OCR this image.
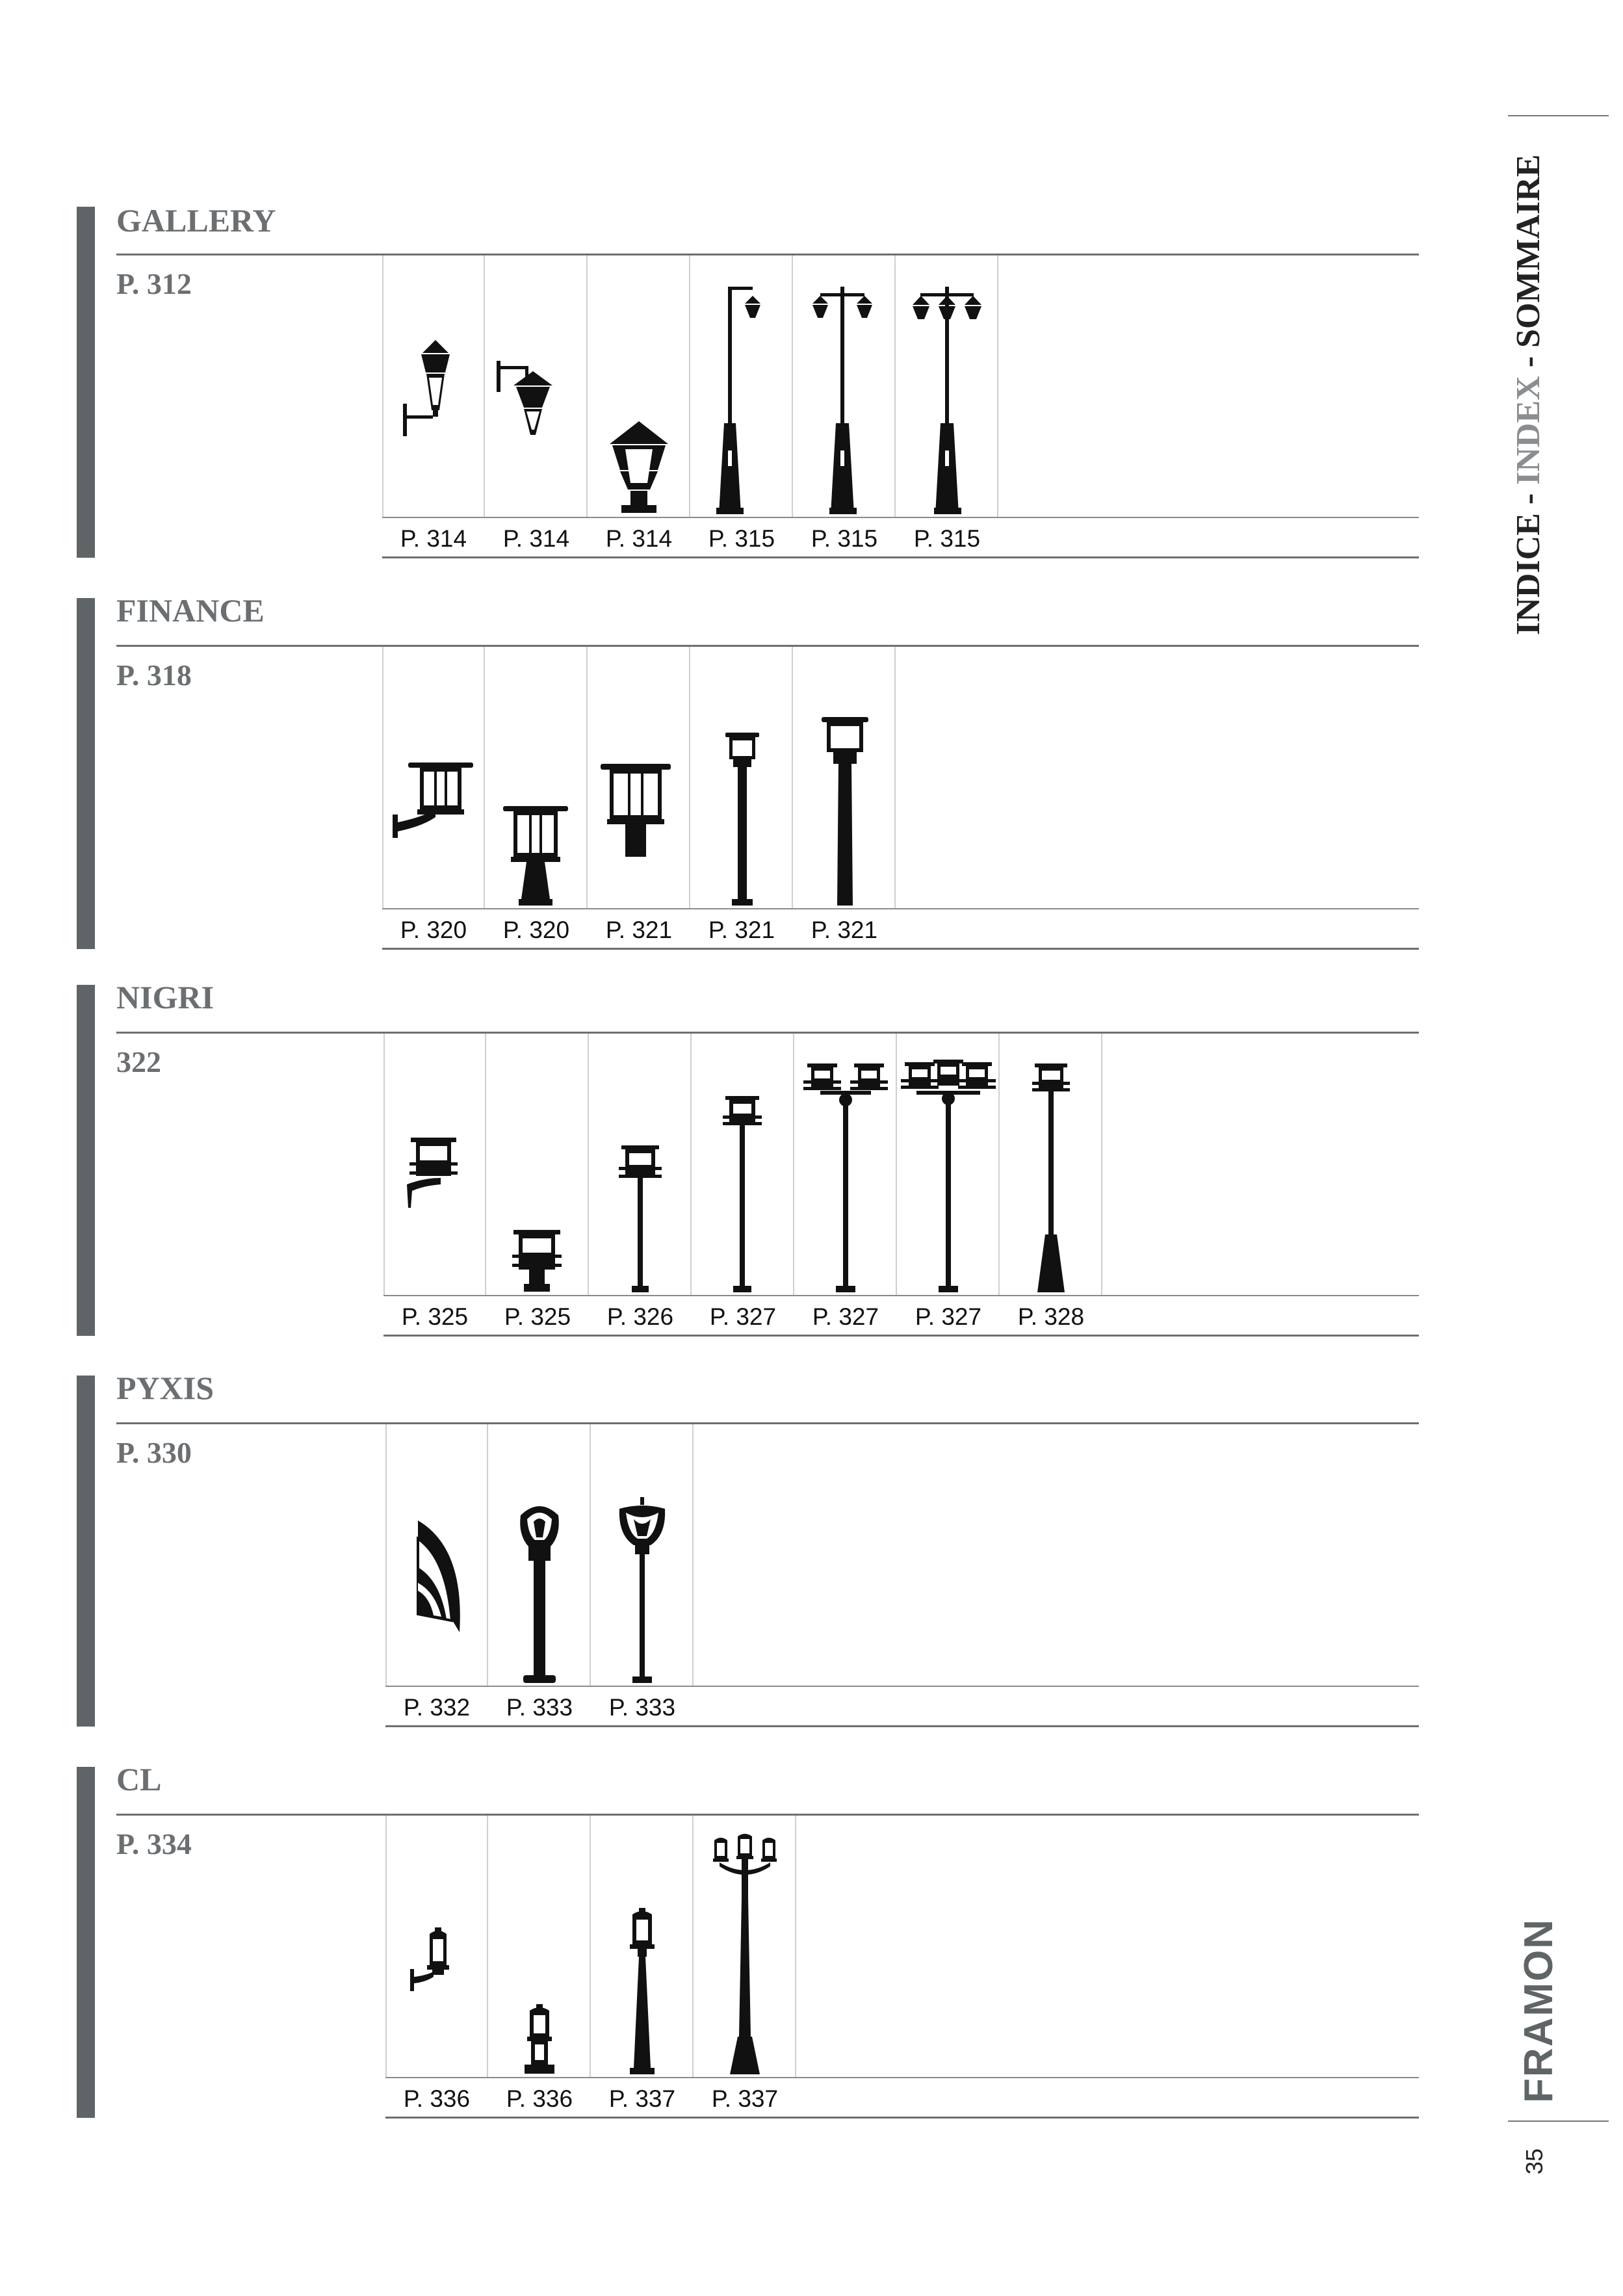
INDICE - INDEX - SOMMAIRE
FRAMON
35
GALLERY
P. 312
P. 314	P. 314	P. 314	P. 315	P. 315	P. 315
FINANCE
P. 318
P. 320	P. 320	P. 321	P. 321	P. 321
NIGRI
322
P. 325	P. 325	P. 326	P. 327	P. 327	P. 327	P. 328
PYXIS
P. 330
P. 332	P. 333	P. 333
CL
P. 334
P. 336	P. 336	P. 337	P. 337
